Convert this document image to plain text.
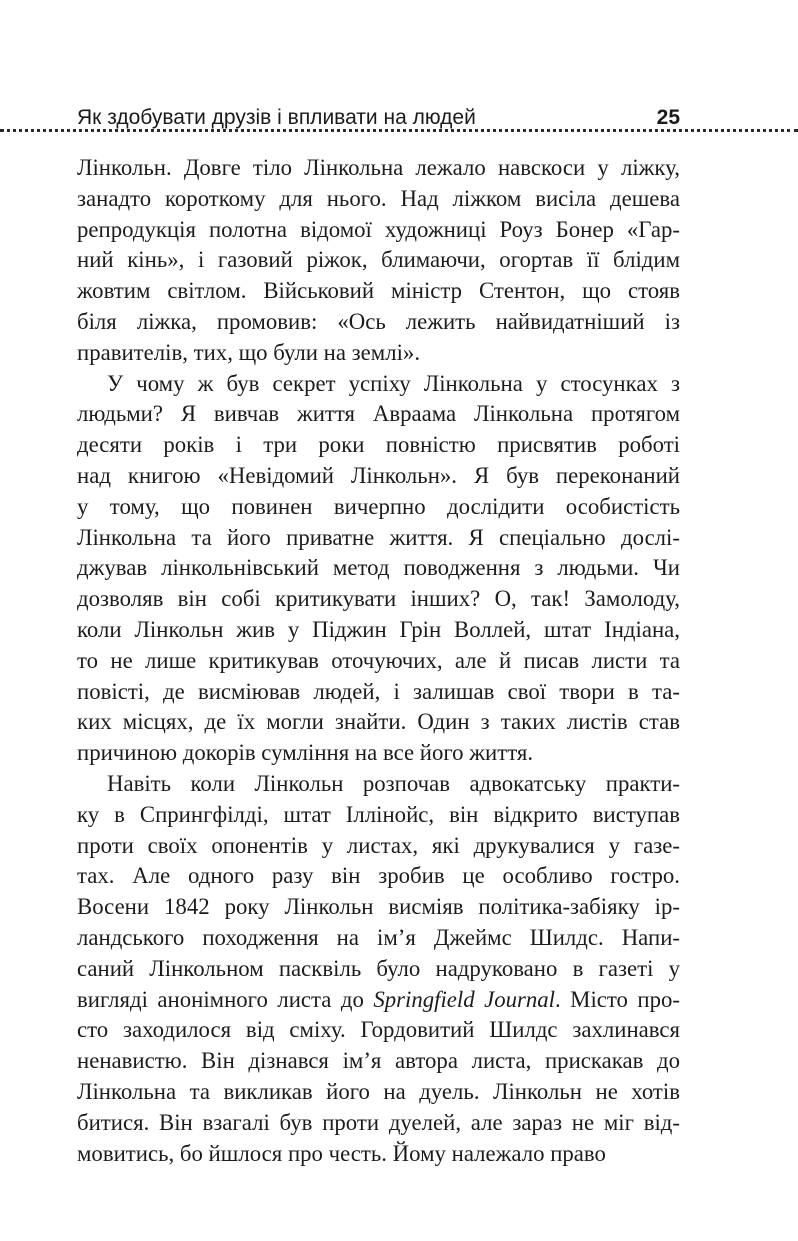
Як здобувати друзів і впливати на людей	25
Лінкольн. Довге тіло Лінкольна лежало навскоси у ліжку,
занадто короткому для нього. Над ліжком висіла дешева
репродукція полотна відомої художниці Роуз Бонер «Гар-
ний кінь», і газовий ріжок, блимаючи, огортав її блідим
жовтим світлом. Військовий міністр Стентон, що стояв
біля ліжка, промовив: «Ось лежить найвидатніший із
правителів, тих, що були на землі».
У чому ж був секрет успіху Лінкольна у стосунках з
людьми? Я вивчав життя Авраама Лінкольна протягом
десяти років і три роки повністю присвятив роботі
над книгою «Невідомий Лінкольн». Я був переконаний
у тому, що повинен вичерпно дослідити особистість
Лінкольна та його приватне життя. Я спеціально дослі-
джував лінкольнівський метод поводження з людьми. Чи
дозволяв він собі критикувати інших? О, так! Замолоду,
коли Лінкольн жив у Піджин Грін Воллей, штат Індіана,
то не лише критикував оточуючих, але й писав листи та
повісті, де висміював людей, і залишав свої твори в та-
ких місцях, де їх могли знайти. Один з таких листів став
причиною докорів сумління на все його життя.
Навіть коли Лінкольн розпочав адвокатську практи-
ку в Спрингфілді, штат Іллінойс, він відкрито виступав
проти своїх опонентів у листах, які друкувалися у газе-
тах. Але одного разу він зробив це особливо гостро.
Восени 1842 року Лінкольн висміяв політика-забіяку ір-
ландського походження на ім’я Джеймс Шилдс. Напи-
саний Лінкольном пасквіль було надруковано в газеті у
вигляді анонімного листа до Springfield Journal. Місто про-
сто заходилося від сміху. Гордовитий Шилдс захлинався
ненавистю. Він дізнався ім’я автора листа, прискакав до
Лінкольна та викликав його на дуель. Лінкольн не хотів
битися. Він взагалі був проти дуелей, але зараз не міг від-
мовитись, бо йшлося про честь. Йому належало право
